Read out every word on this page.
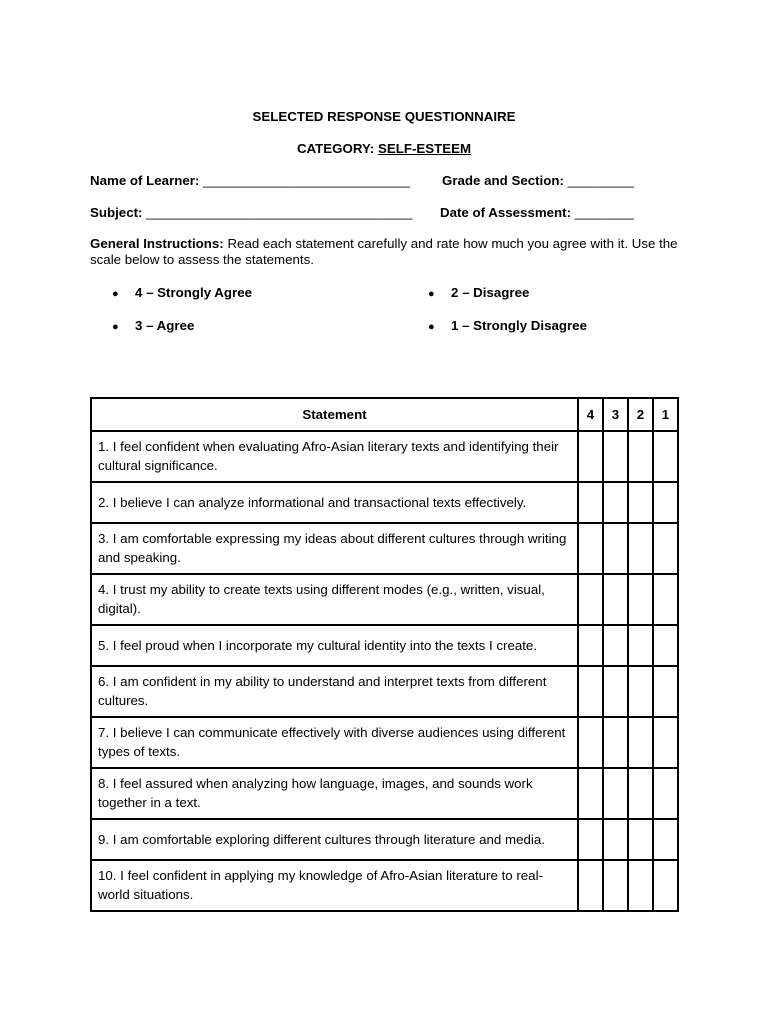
SELECTED RESPONSE QUESTIONNAIRE
CATEGORY: SELF-ESTEEM
Name of Learner: ____________________________ Grade and Section: _________
Subject: ____________________________________ Date of Assessment: ________
General Instructions: Read each statement carefully and rate how much you agree with it. Use the scale below to assess the statements.
● 4 – Strongly Agree
● 3 – Agree
● 2 – Disagree
● 1 – Strongly Disagree
Statement	4	3	2	1
1. I feel confident when evaluating Afro-Asian literary texts and identifying their cultural significance.				
2. I believe I can analyze informational and transactional texts effectively.				
3. I am comfortable expressing my ideas about different cultures through writing and speaking.				
4. I trust my ability to create texts using different modes (e.g., written, visual, digital).				
5. I feel proud when I incorporate my cultural identity into the texts I create.				
6. I am confident in my ability to understand and interpret texts from different cultures.				
7. I believe I can communicate effectively with diverse audiences using different types of texts.				
8. I feel assured when analyzing how language, images, and sounds work together in a text.				
9. I am comfortable exploring different cultures through literature and media.				
10. I feel confident in applying my knowledge of Afro-Asian literature to real-world situations.				
